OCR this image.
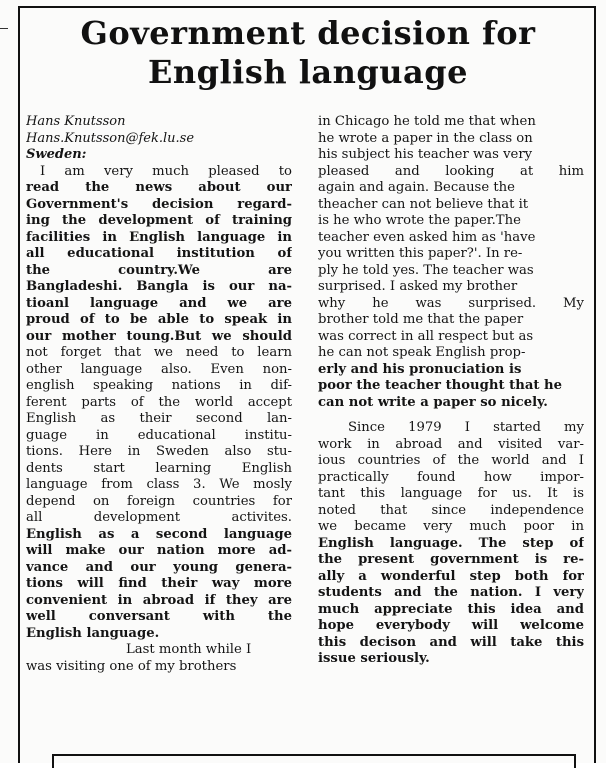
Government decision for
English language
Hans Knutsson
Hans.Knutsson@fek.lu.se
Sweden:
I am very much pleased to
read the news about our
Government's decision regard-
ing the development of training
facilities in English language in
all educational institution of
the country.We are
Bangladeshi. Bangla is our na-
tioanl language and we are
proud of to be able to speak in
our mother toung.But we should
not forget that we need to learn
other language also. Even non-
english speaking nations in dif-
ferent parts of the world accept
English as their second lan-
guage in educational institu-
tions. Here in Sweden also stu-
dents start learning English
language from class 3. We mosly
depend on foreign countries for
all development activites.
English as a second language
will make our nation more ad-
vance and our young genera-
tions will find their way more
convenient in abroad if they are
well conversant with the
English language.
Last month while I
was visiting one of my brothers
in Chicago he told me that when
he wrote a paper in the class on
his subject his teacher was very
pleased and looking at him
again and again. Because the
theacher can not believe that it
is he who wrote the paper.The
teacher even asked him as 'have
you written this paper?'. In re-
ply he told yes. The teacher was
surprised. I asked my brother
why he was surprised. My
brother told me that the paper
was correct in all respect but as
he can not speak English prop-
erly and his pronuciation is
poor the teacher thought that he
can not write a paper so nicely.
Since 1979 I started my
work in abroad and visited var-
ious countries of the world and I
practically found how impor-
tant this language for us. It is
noted that since independence
we became very much poor in
English language. The step of
the present government is re-
ally a wonderful step both for
students and the nation. I very
much appreciate this idea and
hope everybody will welcome
this decison and will take this
issue seriously.
